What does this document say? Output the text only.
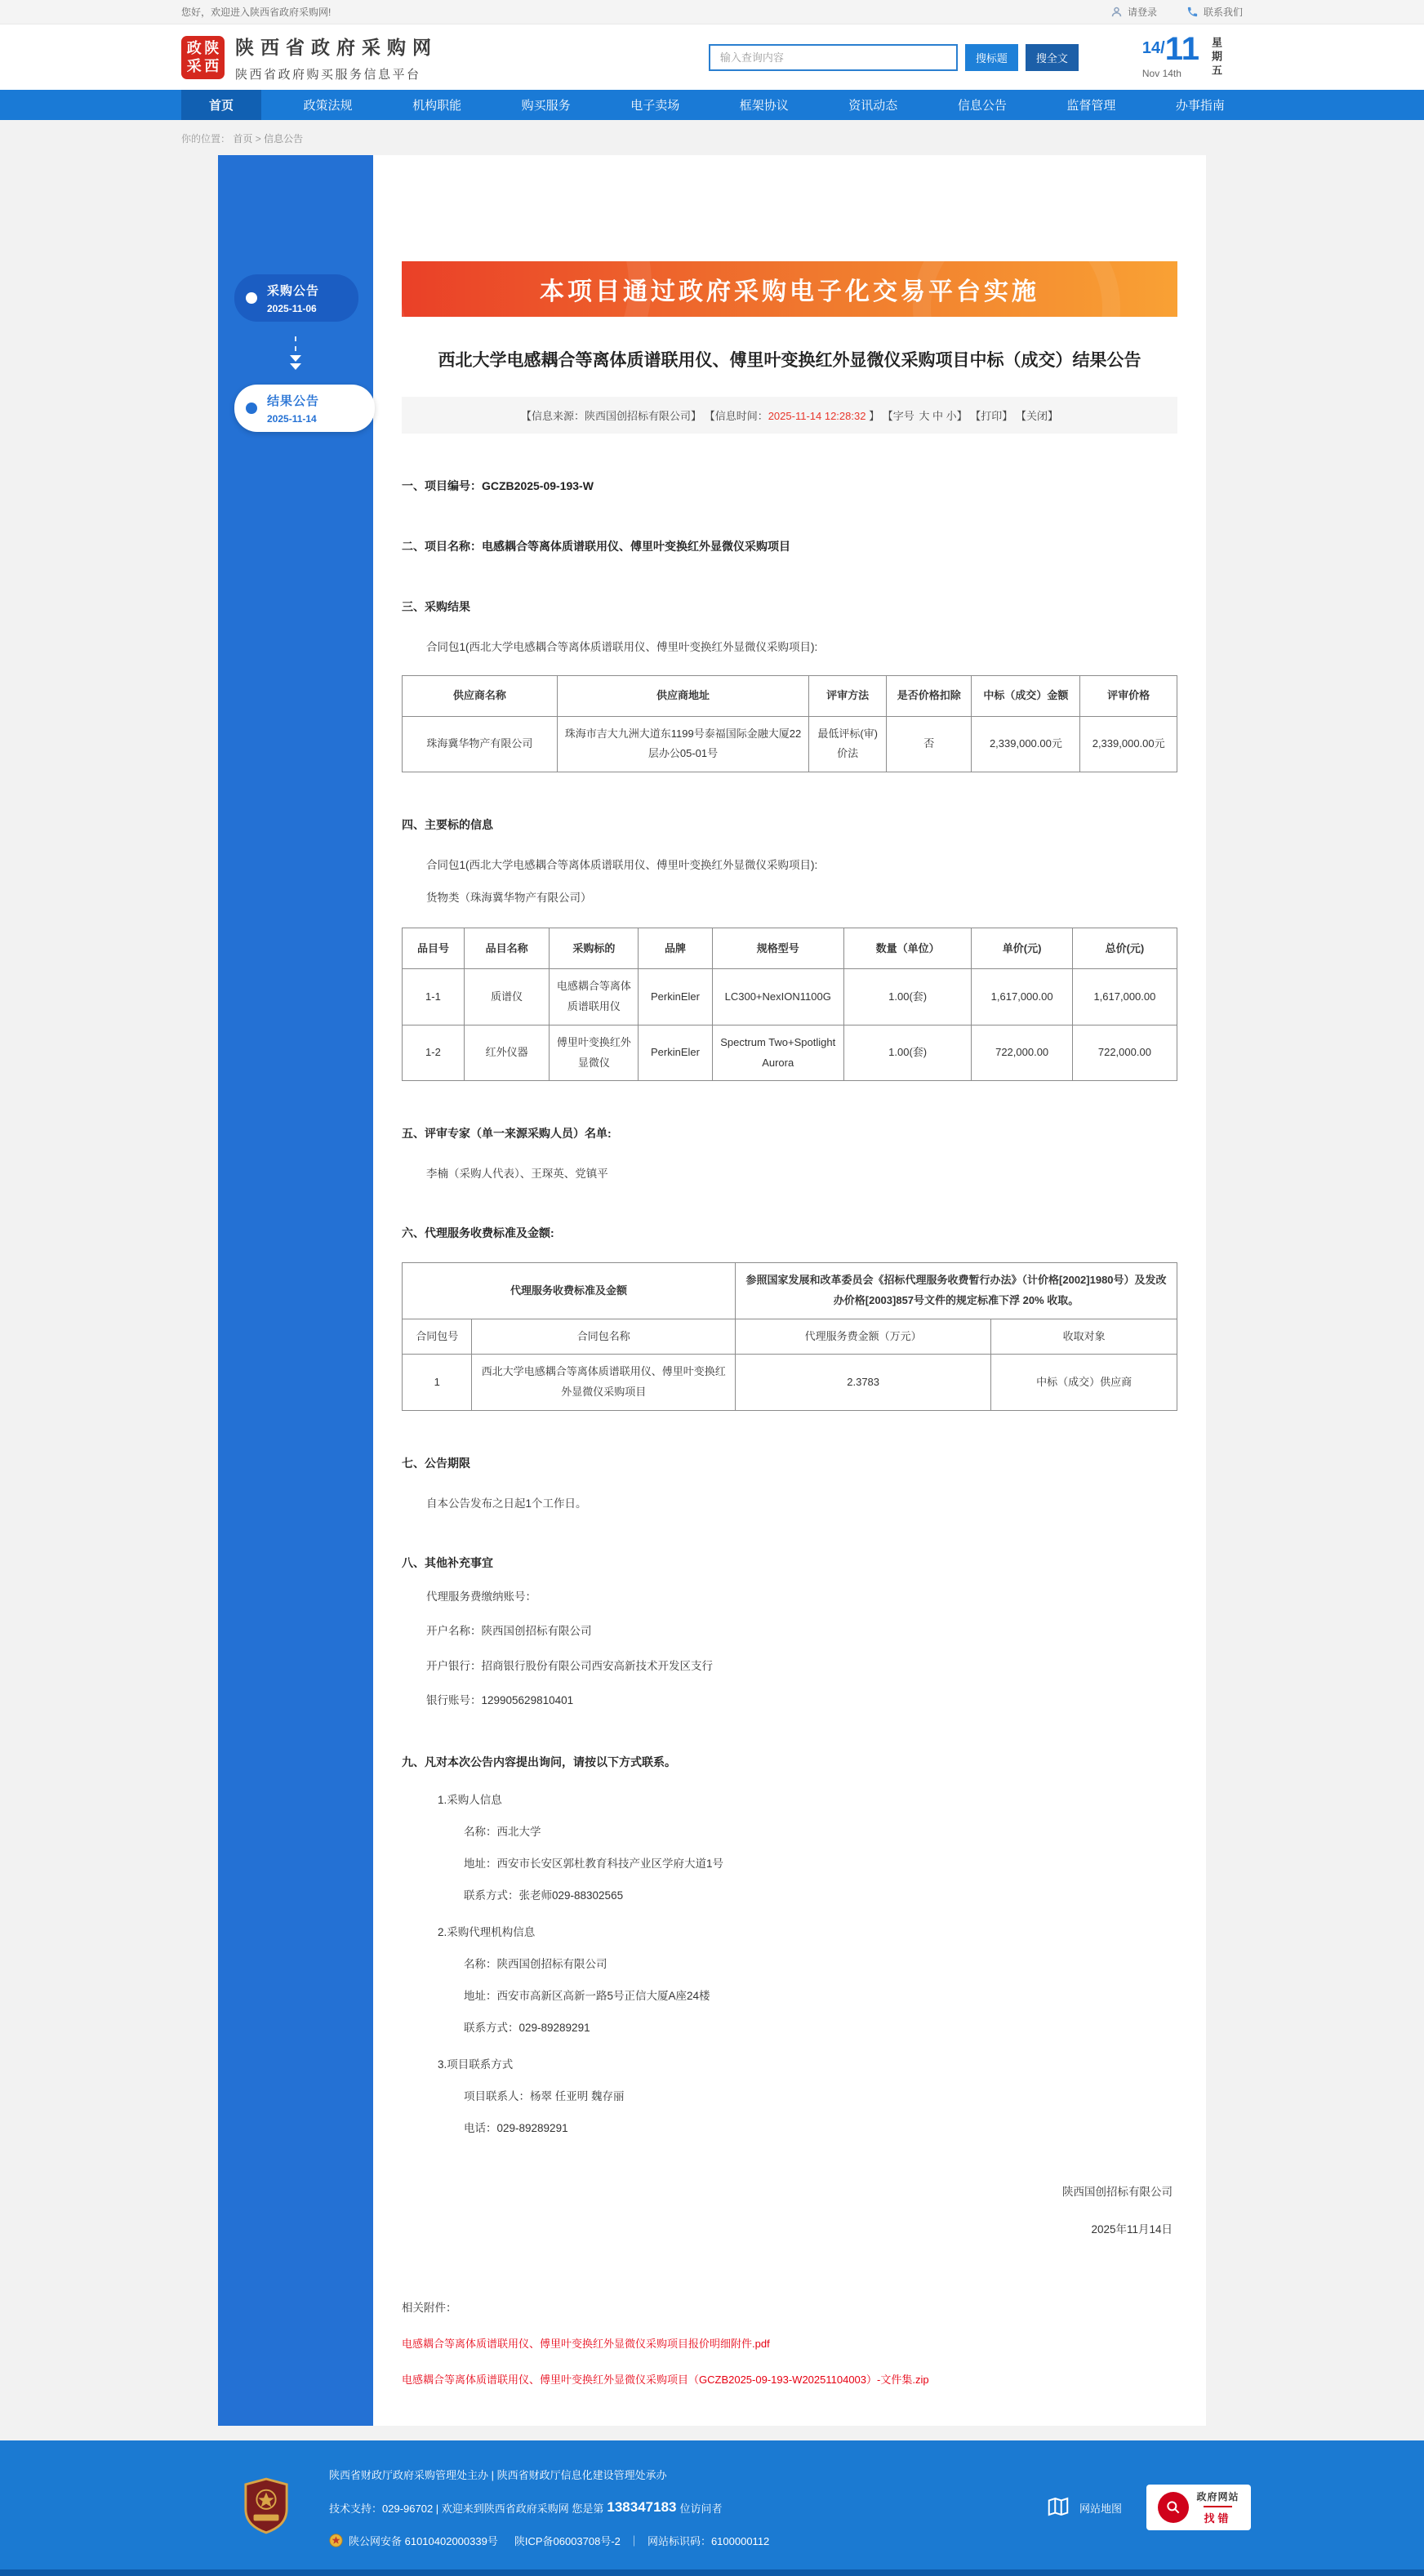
您好，欢迎进入陕西省政府采购网!	请登录	联系我们
政 陕
采 西
陕西省政府采购网
陕西省政府购买服务信息平台
输入查询内容
搜标题	搜全文
14/ 11
Nov 14th	星期五
首页	政策法规	机构职能	购买服务	电子卖场	框架协议	资讯动态	信息公告	监督管理	办事指南
你的位置： 首页 > 信息公告
采购公告
2025-11-06
结果公告
2025-11-14
本项目通过政府采购电子化交易平台实施
西北大学电感耦合等离体质谱联用仪、傅里叶变换红外显微仪采购项目中标（成交）结果公告
【信息来源：陕西国创招标有限公司】 【信息时间：2025-11-14 12:28:32 】 【字号 大 中 小】 【打印】 【关闭】
一、项目编号：GCZB2025-09-193-W
二、项目名称：电感耦合等离体质谱联用仪、傅里叶变换红外显微仪采购项目
三、采购结果
合同包1(西北大学电感耦合等离体质谱联用仪、傅里叶变换红外显微仪采购项目):
供应商名称	供应商地址	评审方法	是否价格扣除	中标（成交）金额	评审价格
珠海冀华物产有限公司	珠海市吉大九洲大道东1199号泰福国际金融大厦22层办公05-01号	最低评标(审) 价法	否	2,339,000.00元	2,339,000.00元
四、主要标的信息
合同包1(西北大学电感耦合等离体质谱联用仪、傅里叶变换红外显微仪采购项目):
货物类（珠海冀华物产有限公司）
品目号	品目名称	采购标的	品牌	规格型号	数量（单位）	单价(元)	总价(元)
1-1	质谱仪	电感耦合等离体质谱联用仪	PerkinEler	LC300+NexION1100G	1.00(套)	1,617,000.00	1,617,000.00
1-2	红外仪器	傅里叶变换红外显微仪	PerkinEler	Spectrum Two+Spotlight Aurora	1.00(套)	722,000.00	722,000.00
五、评审专家（单一来源采购人员）名单:
李楠（采购人代表）、王琛英、党镇平
六、代理服务收费标准及金额:
代理服务收费标准及金额		参照国家发展和改革委员会《招标代理服务收费暂行办法》（计价格[2002]1980号）及发改办价格[2003]857号文件的规定标准下浮 20% 收取。	
合同包号	合同包名称	代理服务费金额（万元）	收取对象
1	西北大学电感耦合等离体质谱联用仪、傅里叶变换红外显微仪采购项目	2.3783	中标（成交）供应商
七、公告期限
自本公告发布之日起1个工作日。
八、其他补充事宜
代理服务费缴纳账号：
开户名称：陕西国创招标有限公司
开户银行：招商银行股份有限公司西安高新技术开发区支行
银行账号：129905629810401
九、凡对本次公告内容提出询问，请按以下方式联系。
1.采购人信息
名称：西北大学
地址：西安市长安区郭杜教育科技产业区学府大道1号
联系方式：张老师029-88302565
2.采购代理机构信息
名称：陕西国创招标有限公司
地址：西安市高新区高新一路5号正信大厦A座24楼
联系方式：029-89289291
3.项目联系方式
项目联系人：杨翠 任亚明 魏存丽
电话：029-89289291
陕西国创招标有限公司
2025年11月14日
相关附件：
电感耦合等离体质谱联用仪、傅里叶变换红外显微仪采购项目报价明细附件.pdf
电感耦合等离体质谱联用仪、傅里叶变换红外显微仪采购项目（GCZB2025-09-193-W20251104003）-文件集.zip
陕西省财政厅政府采购管理处主办 | 陕西省财政厅信息化建设管理处承办
技术支持：029-96702 | 欢迎来到陕西省政府采购网 您是第 138347183 位访问者
陕公网安备 61010402000339号 陕ICP备06003708号-2 ｜ 网站标识码：6100000112
网站地图
政府网站
找错
